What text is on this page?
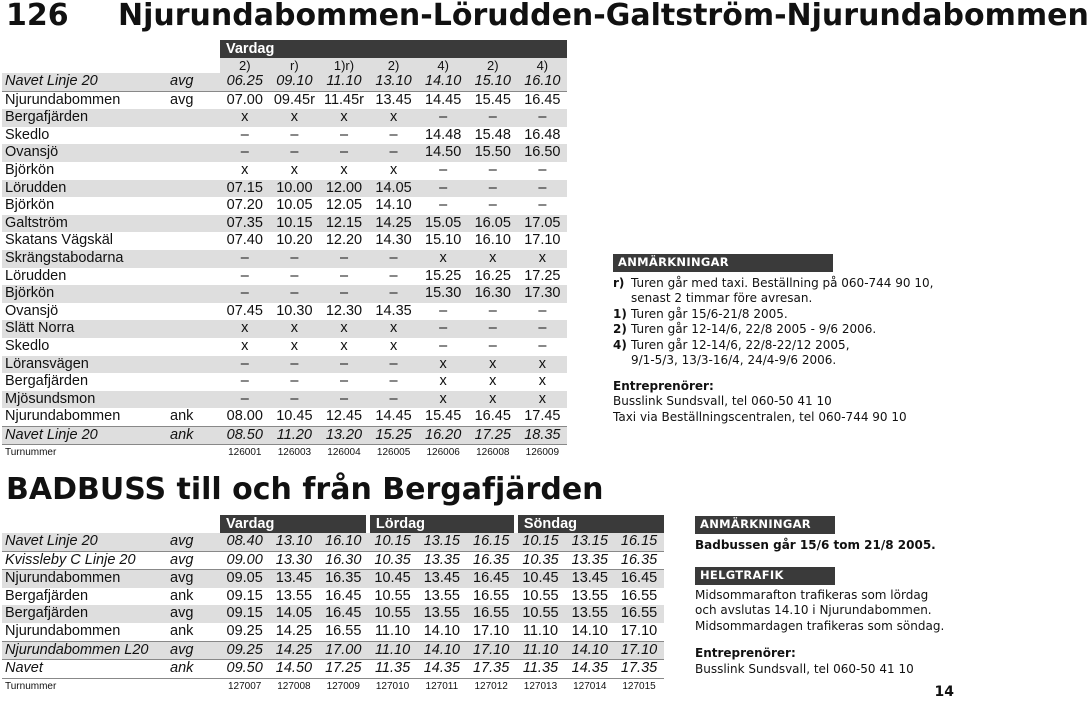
126 Njurundabommen-Lörudden-Galtström-Njurundabommen
		Vardag						
		2)	r)	1)r)	2)	4)	2)	4)
Navet Linje 20	avg	06.25	09.10	11.10	13.10	14.10	15.10	16.10
Njurundabommen	avg	07.00	09.45r	11.45r	13.45	14.45	15.45	16.45
Bergafjärden		x	x	x	x	–	–	–
Skedlo		–	–	–	–	14.48	15.48	16.48
Ovansjö		–	–	–	–	14.50	15.50	16.50
Björkön		x	x	x	x	–	–	–
Lörudden		07.15	10.00	12.00	14.05	–	–	–
Björkön		07.20	10.05	12.05	14.10	–	–	–
Galtström		07.35	10.15	12.15	14.25	15.05	16.05	17.05
Skatans Vägskäl		07.40	10.20	12.20	14.30	15.10	16.10	17.10
Skrängstabodarna		–	–	–	–	x	x	x
Lörudden		–	–	–	–	15.25	16.25	17.25
Björkön		–	–	–	–	15.30	16.30	17.30
Ovansjö		07.45	10.30	12.30	14.35	–	–	–
Slätt Norra		x	x	x	x	–	–	–
Skedlo		x	x	x	x	–	–	–
Löransvägen		–	–	–	–	x	x	x
Bergafjärden		–	–	–	–	x	x	x
Mjösundsmon		–	–	–	–	x	x	x
Njurundabommen	ank	08.00	10.45	12.45	14.45	15.45	16.45	17.45
Navet Linje 20	ank	08.50	11.20	13.20	15.25	16.20	17.25	18.35
Turnummer		126001	126003	126004	126005	126006	126008	126009
ANMÄRKNINGAR
r) Turen går med taxi. Beställning på 060-744 90 10,
senast 2 timmar före avresan.
1) Turen går 15/6-21/8 2005.
2) Turen går 12-14/6, 22/8 2005 - 9/6 2006.
4) Turen går 12-14/6, 22/8-22/12 2005,
9/1-5/3, 13/3-16/4, 24/4-9/6 2006.
Entreprenörer:
Busslink Sundsvall, tel 060-50 41 10
Taxi via Beställningscentralen, tel 060-744 90 10
BADBUSS till och från Bergafjärden
		Vardag			Lördag			Söndag		
Navet Linje 20	avg	08.40	13.10	16.10	10.15	13.15	16.15	10.15	13.15	16.15
Kvissleby C Linje 20	avg	09.00	13.30	16.30	10.35	13.35	16.35	10.35	13.35	16.35
Njurundabommen	avg	09.05	13.45	16.35	10.45	13.45	16.45	10.45	13.45	16.45
Bergafjärden	ank	09.15	13.55	16.45	10.55	13.55	16.55	10.55	13.55	16.55
Bergafjärden	avg	09.15	14.05	16.45	10.55	13.55	16.55	10.55	13.55	16.55
Njurundabommen	ank	09.25	14.25	16.55	11.10	14.10	17.10	11.10	14.10	17.10
Njurundabommen L20	avg	09.25	14.25	17.00	11.10	14.10	17.10	11.10	14.10	17.10
Navet	ank	09.50	14.50	17.25	11.35	14.35	17.35	11.35	14.35	17.35
Turnummer		127007	127008	127009	127010	127011	127012	127013	127014	127015
ANMÄRKNINGAR
Badbussen går 15/6 tom 21/8 2005.
HELGTRAFIK
Midsommarafton trafikeras som lördag
och avslutas 14.10 i Njurundabommen.
Midsommardagen trafikeras som söndag.
Entreprenörer:
Busslink Sundsvall, tel 060-50 41 10
14
